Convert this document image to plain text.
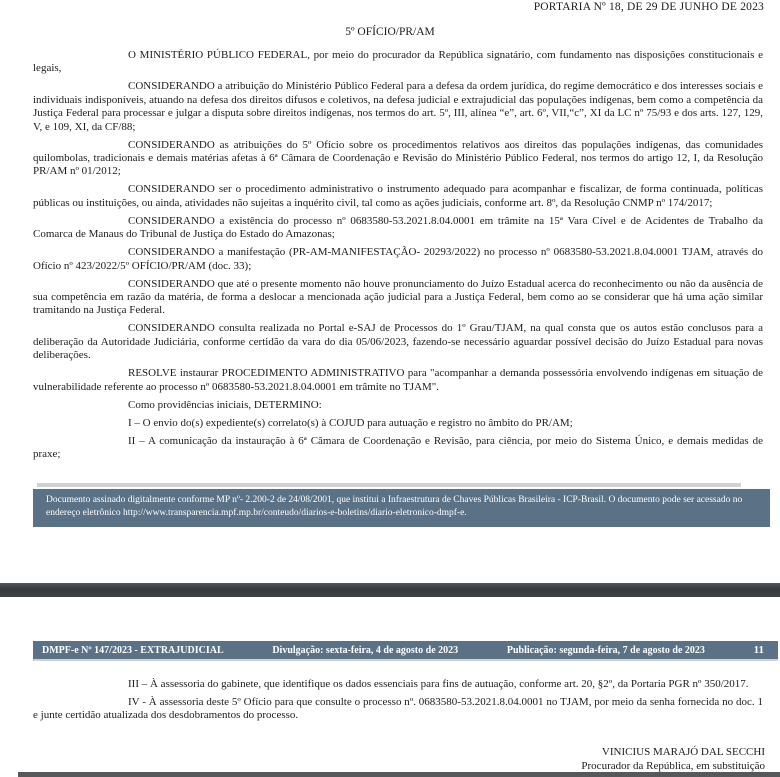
PORTARIA Nº 18, DE 29 DE JUNHO DE 2023
5º OFÍCIO/PR/AM

O MINISTÉRIO PÚBLICO FEDERAL, por meio do procurador da República signatário, com fundamento nas disposições constitucionais e legais,

CONSIDERANDO a atribuição do Ministério Público Federal para a defesa da ordem jurídica, do regime democrático e dos interesses sociais e individuais indisponíveis, atuando na defesa dos direitos difusos e coletivos, na defesa judicial e extrajudicial das populações indígenas, bem como a competência da Justiça Federal para processar e julgar a disputa sobre direitos indígenas, nos termos do art. 5º, III, alínea “e”, art. 6º, VII,“c”, XI da LC nº 75/93 e dos arts. 127, 129, V, e 109, XI, da CF/88;

CONSIDERANDO as atribuições do 5º Ofício sobre os procedimentos relativos aos direitos das populações indígenas, das comunidades quilombolas, tradicionais e demais matérias afetas à 6ª Câmara de Coordenação e Revisão do Ministério Público Federal, nos termos do artigo 12, I, da Resolução PR/AM nº 01/2012;

CONSIDERANDO ser o procedimento administrativo o instrumento adequado para acompanhar e fiscalizar, de forma continuada, políticas públicas ou instituições, ou ainda, atividades não sujeitas a inquérito civil, tal como as ações judiciais, conforme art. 8º, da Resolução CNMP nº 174/2017;

CONSIDERANDO a existência do processo nº 0683580-53.2021.8.04.0001 em trâmite na 15ª Vara Cível e de Acidentes de Trabalho da Comarca de Manaus do Tribunal de Justiça do Estado do Amazonas;

CONSIDERANDO a manifestação (PR-AM-MANIFESTAÇÃO- 20293/2022) no processo nº 0683580-53.2021.8.04.0001 TJAM, através do Ofício nº 423/2022/5º OFÍCIO/PR/AM (doc. 33);

CONSIDERANDO que até o presente momento não houve pronunciamento do Juízo Estadual acerca do reconhecimento ou não da ausência de sua competência em razão da matéria, de forma a deslocar a mencionada ação judicial para a Justiça Federal, bem como ao se considerar que há uma ação similar tramitando na Justiça Federal.

CONSIDERANDO consulta realizada no Portal e-SAJ de Processos do 1º Grau/TJAM, na qual consta que os autos estão conclusos para a deliberação da Autoridade Judiciária, conforme certidão da vara do dia 05/06/2023, fazendo-se necessário aguardar possível decisão do Juízo Estadual para novas deliberações.

RESOLVE instaurar PROCEDIMENTO ADMINISTRATIVO para "acompanhar a demanda possessória envolvendo indígenas em situação de vulnerabilidade referente ao processo nº 0683580-53.2021.8.04.0001 em trâmite no TJAM".

Como providências iniciais, DETERMINO:

I – O envio do(s) expediente(s) correlato(s) à COJUD para autuação e registro no âmbito do PR/AM;

II – A comunicação da instauração à 6ª Câmara de Coordenação e Revisão, para ciência, por meio do Sistema Único, e demais medidas de praxe;

Documento assinado digitalmente conforme MP nº- 2.200-2 de 24/08/2001, que institui a Infraestrutura de Chaves Públicas Brasileira - ICP-Brasil. O documento pode ser acessado no endereço eletrônico http://www.transparencia.mpf.mp.br/conteudo/diarios-e-boletins/diario-eletronico-dmpf-e.
DMPF-e Nº 147/2023 - EXTRAJUDICIAL	Divulgação: sexta-feira, 4 de agosto de 2023	Publicação: segunda-feira, 7 de agosto de 2023	11

III – À assessoria do gabinete, que identifique os dados essenciais para fins de autuação, conforme art. 20, §2º, da Portaria PGR nº 350/2017.

IV - À assessoria deste 5º Ofício para que consulte o processo nº. 0683580-53.2021.8.04.0001 no TJAM, por meio da senha fornecida no doc. 1 e junte certidão atualizada dos desdobramentos do processo.

VINICIUS MARAJÓ DAL SECCHI
Procurador da República, em substituição
